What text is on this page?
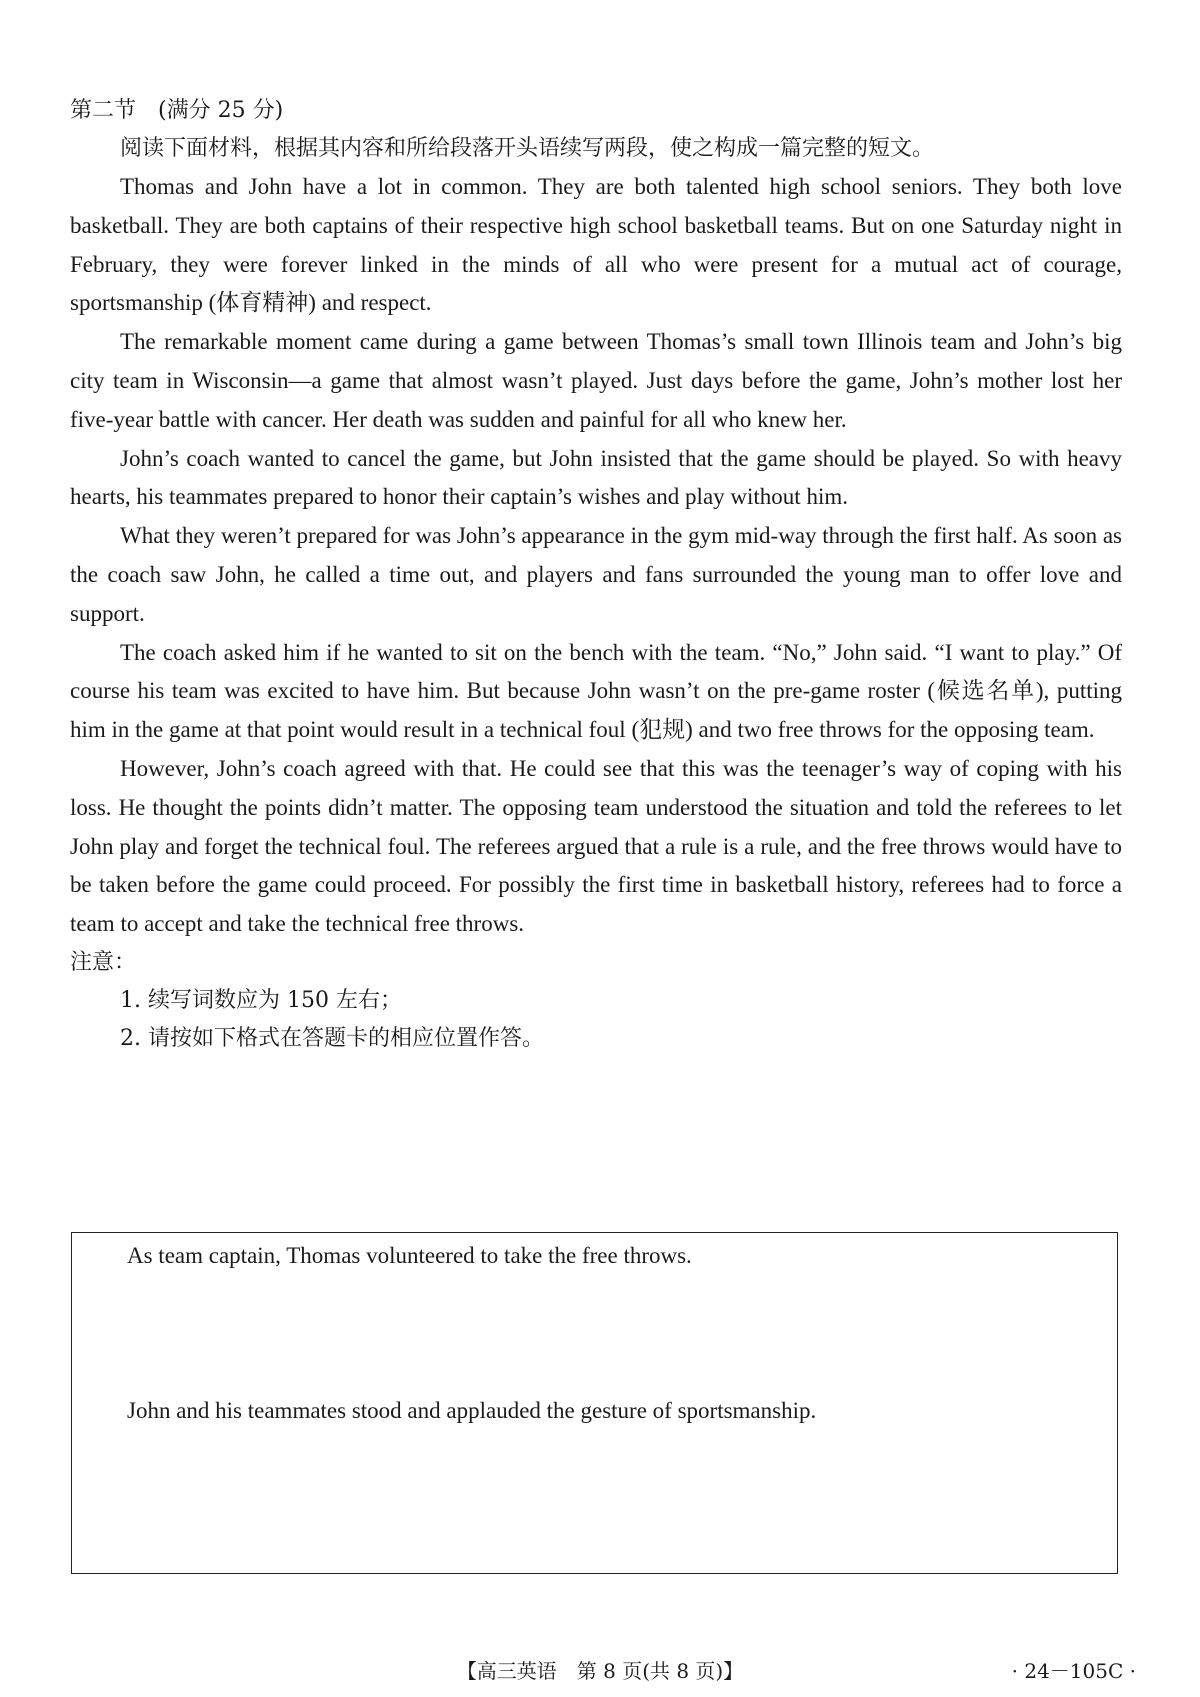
第二节　(满分 25 分)

阅读下面材料，根据其内容和所给段落开头语续写两段，使之构成一篇完整的短文。

Thomas and John have a lot in common. They are both talented high school seniors. They both love basketball. They are both captains of their respective high school basketball teams. But on one Saturday night in February, they were forever linked in the minds of all who were present for a mutual act of courage, sportsmanship (体育精神) and respect.

The remarkable moment came during a game between Thomas’s small town Illinois team and John’s big city team in Wisconsin—a game that almost wasn’t played. Just days before the game, John’s mother lost her five-year battle with cancer. Her death was sudden and painful for all who knew her.

John’s coach wanted to cancel the game, but John insisted that the game should be played. So with heavy hearts, his teammates prepared to honor their captain’s wishes and play without him.

What they weren’t prepared for was John’s appearance in the gym mid-way through the first half. As soon as the coach saw John, he called a time out, and players and fans surrounded the young man to offer love and support.

The coach asked him if he wanted to sit on the bench with the team. “No,” John said. “I want to play.” Of course his team was excited to have him. But because John wasn’t on the pre-game roster (候选名单), putting him in the game at that point would result in a technical foul (犯规) and two free throws for the opposing team.

However, John’s coach agreed with that. He could see that this was the teenager’s way of coping with his loss. He thought the points didn’t matter. The opposing team understood the situation and told the referees to let John play and forget the technical foul. The referees argued that a rule is a rule, and the free throws would have to be taken before the game could proceed. For possibly the first time in basketball history, referees had to force a team to accept and take the technical free throws.

注意：

1. 续写词数应为 150 左右；

2. 请按如下格式在答题卡的相应位置作答。

As team captain, Thomas volunteered to take the free throws.

John and his teammates stood and applauded the gesture of sportsmanship.

【高三英语　第 8 页(共 8 页)】	· 24－105C ·
